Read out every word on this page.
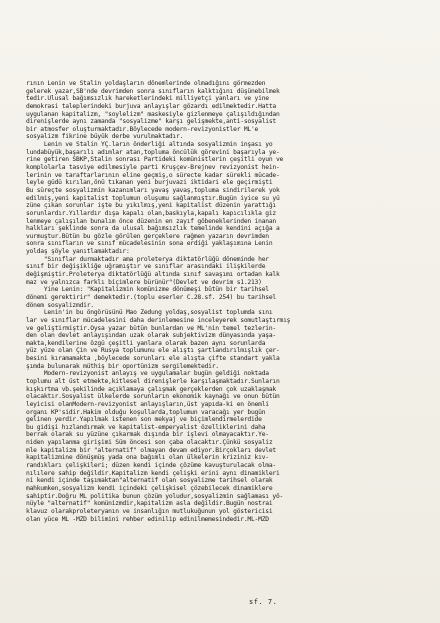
rının Lenin ve Stalin yoldaşların dönemlerinde olmadığını görmezden
gelerek yazar,SB'nde devrimden sonra sınıfların kalktığını düşünebilmek
tedir.Ulusal bağımsızlık hareketlerindeki milliyetçi yanları ve yine
demokrasi taleplerindeki burjuva anlayışlar gözardı edilmektedir.Hatta
uygulanan kapitalizm, "soylelizm" maskesiyle gizlenmeye çalışıldığından
direnişlerde aynı zamanda "sosyalizme" karşı gelişmekte,anti-sosyalist
bir atmosfer oluşturmaktadır.Böylecede modern-revizyonistler ML'e
sosyalizm fikrine büyük derbe vurulmaktadır.
Lenin ve Stalin YÇ.ların önderliği altında sosyalizmin inşası yo
lundabüyük,başarılı adımlar atan,topluma öncülük görevini başarıyla ye-
rine getiren SBKP,Stalin sonrası Partideki komünistlerin çeşitli oyun ve
komplolarla tasviye edilmesiyle parti Kruşçev-Brejnev revizyonist hein-
lerinin ve taraftarlarının eline geçmiş,o sürecte kadar sürekli mücade-
leyle güdü kırılan,önü tıkanan yeni burjuvazi iktidari ele geçirmişti
Bu süreçte sosyalizmin kazanımları yavaş yavaş,topluma sindirilerek yok
edilmiş,yeni kapitalist toplumun oluşumu sağlanmıştır.Bugün iyice su yü
züne çıkan sorunlar işte bu yıkılmış,yeni kapitalist düzenin yarattığı
sorunlardır.Yıllardır dışa kapalı olan,baskıyla,kapalı kapıcılıkla giz
lenmeye çalışılan bunalım önce düzenin en zayıf göbeneklerinden inanan
halkları şeklinde sonra da ulusal bağımsızlık temelinde kendini açığa a
vurmuştur.Bütün bu gözle görülen gerçeklere rağmen yazarın devrimden
sonra sınıfların ve sınıf mücadelesinin sona erdiği yaklaşımına Lenin
yoldaş şöyle yanıtlamaktadır:
"Sınıflar durmaktadır ama proleterya diktatörlüğü döneminde her
sınıf bir değişikliğe uğramıştır ve sınıflar arasındaki ilişkilerde
değişmiştir.Proleterya diktatörlüğü altında sınıf savaşımı ortadan kalk
maz ve yalnızca farklı biçimlere bürünür"(Devlet ve devrim s1.213)
Yine Lenin: "Kapitalizmin komünizme dönümeşi bütün bir tarihsel
dönemi gerektirir" demektedir.(toplu eserler C.28.sf. 254) bu tarihsel
dönem sosyalizmdir.
Lenin'in bu öngörüsünü Mao Zedung yoldaş,sosyalist toplumda sını
lar ve sınıflar mücadelesini daha derinlemesine inceleyerek somutlaştırmış
ve geliştirmiştir.Oysa yazar bütün bunlardan ve ML'nin temel tezlerin-
den olan devlet anlayışından uzak olarak subjektivizm dünyasında yaşa-
makta,kendilerine özgü çeşitli yanlara olarak bazen aynı sorunlarda
yüz yüze olan Çin ve Rusya toplumunu ele alıştı şartlandırılmışlık çer-
besini kıramamakta ,böylecede sorunları ele alışta çifte standart yakla
şımda bulunarak müthiş bir oportünizm sergilemektedir.
Modern-revizyonist anlayış ve uygulamalar bugün geldiği noktada
toplumu alt üst etmekte,kitlesel direnişlerle karşılaşmaktadır.Sunların
kışkırtma vb.şekilinde açıklamaya çalışmak gerçeklerden çok uzaklaşmak
olacaktır.Sosyalist ülkelerde sorunların ekonomik kaynağı ve onun bütün
leyicisi olanModern-revizyonist anlayışların,üst yapıda-ki en önemli
organı KP'sidir.Hakim olduğu koşullarda,toplumun varacağı yer bugün
gelinen yerdir.Yapılmak istenen son mekyaj ve biçimlendirmelerdide
bu gidişi hızlandırmak ve kapitalist-emperyalist özelliklerini daha
berrak olarak su yüzüne çıkarmak dışında bir işlevi olmayacaktır.Ye-
niden yapılanma girişimi Süm öncesi son çaba olacaktır.Çünkü sosyaliz
mle kapitalizm bir "alternatif" olmayan devam ediyor.Birçokları devlet
kapitalizmine dönüşmüş yada ona bağımlı olan ülkelerin kriziniz kıv-
randıkları çelişkileri; düzen kendi içinde çözüme kavuşturulacak olma-
nılılere sahip değildir.Kapitalizm kendi çelişki erini aynı dinamikleri
ni kendi içinde taşımaktan"alternatif olan sosyalizme tarihsel olarak
mahkumken,sosyalizm kendi içindeki çelişkisel çözebilecek dinamiklere
sahiptir.Doğru ML politika bunun çözüm yoludur,sosyalizmin sağlaması yö-
nüyle "alternatif" komünizmdir,kapitalizm asla değildir.Bugün nostrai
klavuz olarakproleteryanın ve insanlığın mutlukuğunun yol göstericisi
olan yüce ML -MZD bilimini rehber edinilip edinilmemesindedir.ML-MZD
sf. 7.
